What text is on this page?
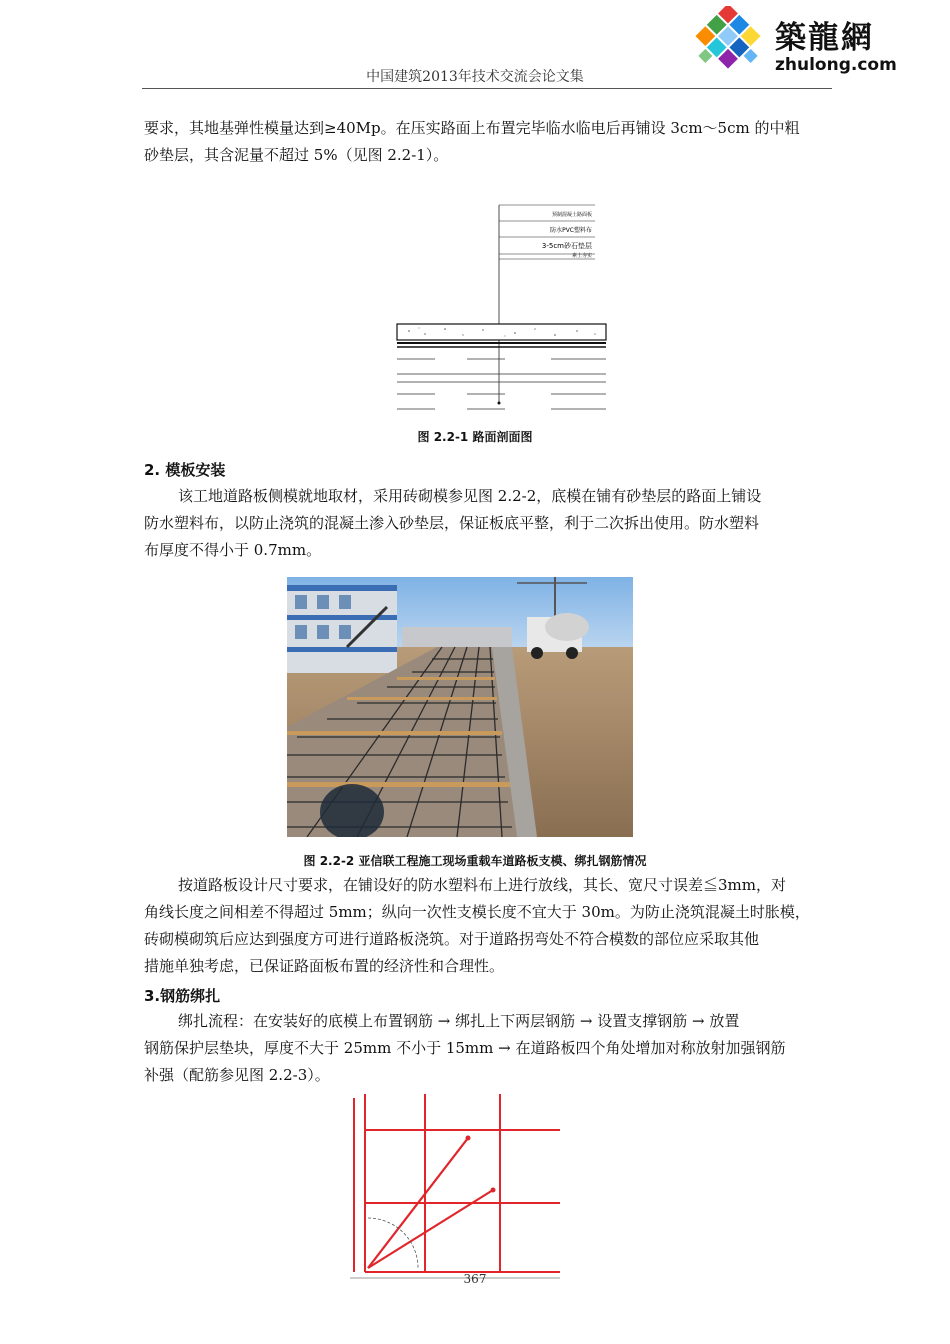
築龍網
zhulong.com
中国建筑2013年技术交流会论文集
要求，其地基弹性模量达到≥40Mp。在压实路面上布置完毕临水临电后再铺设 3cm～5cm 的中粗
砂垫层，其含泥量不超过 5%（见图 2.2-1）。
预制混凝土路面板
防水PVC塑料布
3-5cm砂石垫层
素土夯实
图 2.2-1 路面剖面图
2. 模板安装
该工地道路板侧模就地取材，采用砖砌模参见图 2.2-2，底模在铺有砂垫层的路面上铺设
防水塑料布，以防止浇筑的混凝土渗入砂垫层，保证板底平整，利于二次拆出使用。防水塑料
布厚度不得小于 0.7mm。
图 2.2-2 亚信联工程施工现场重载车道路板支模、绑扎钢筋情况
按道路板设计尺寸要求，在铺设好的防水塑料布上进行放线，其长、宽尺寸误差≦3mm，对
角线长度之间相差不得超过 5mm；纵向一次性支模长度不宜大于 30m。为防止浇筑混凝土时胀模，
砖砌模砌筑后应达到强度方可进行道路板浇筑。对于道路拐弯处不符合模数的部位应采取其他
措施单独考虑，已保证路面板布置的经济性和合理性。
3.钢筋绑扎
绑扎流程：在安装好的底模上布置钢筋 → 绑扎上下两层钢筋 → 设置支撑钢筋 → 放置
钢筋保护层垫块，厚度不大于 25mm 不小于 15mm → 在道路板四个角处增加对称放射加强钢筋
补强（配筋参见图 2.2-3）。
367
